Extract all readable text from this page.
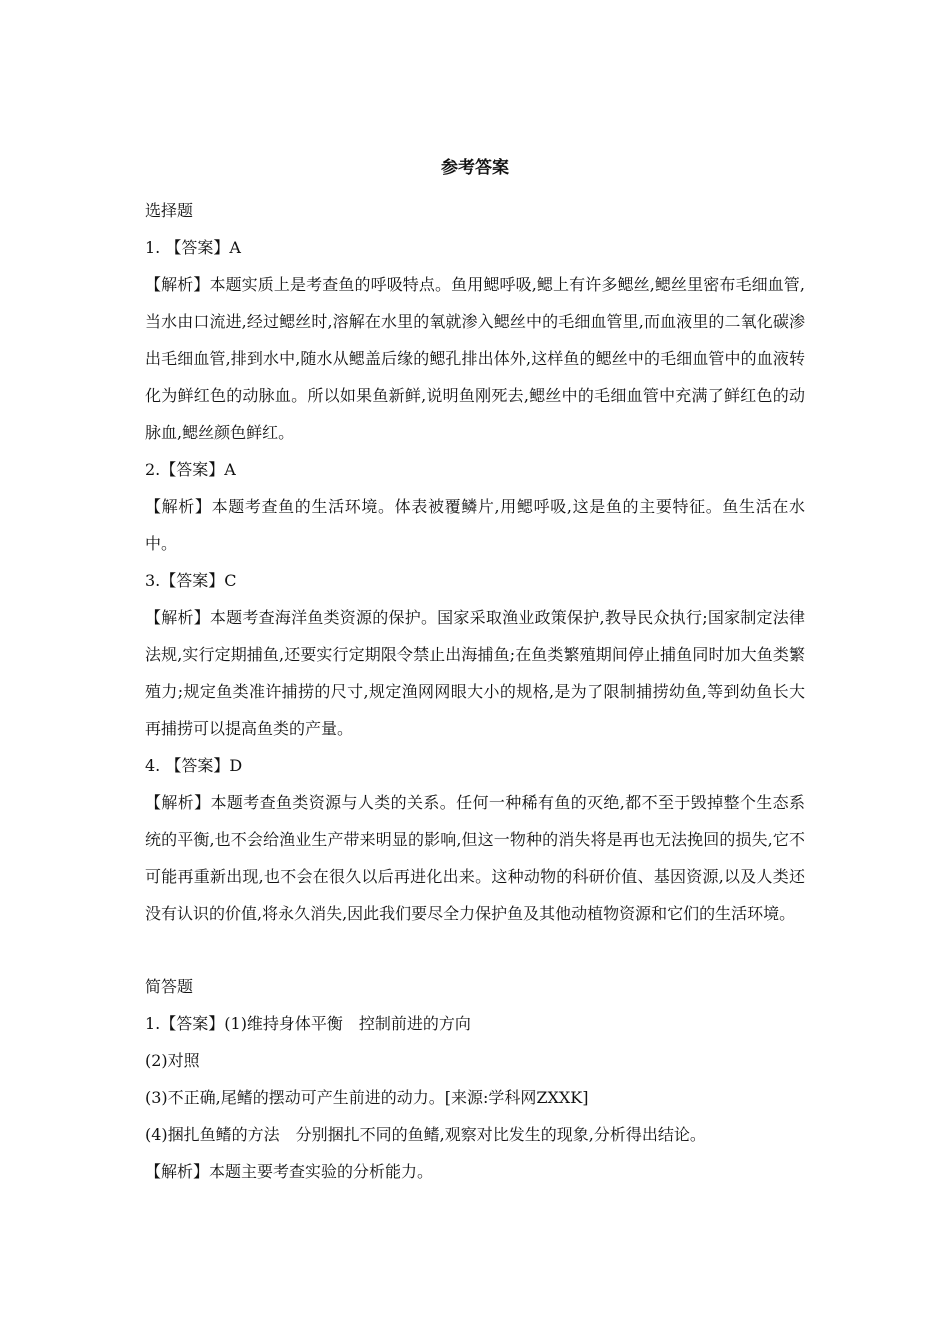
参考答案
选择题
1. 【答案】A
【解析】本题实质上是考查鱼的呼吸特点。鱼用鳃呼吸,鳃上有许多鳃丝,鳃丝里密布毛细血管,当水由口流进,经过鳃丝时,溶解在水里的氧就渗入鳃丝中的毛细血管里,而血液里的二氧化碳渗出毛细血管,排到水中,随水从鳃盖后缘的鳃孔排出体外,这样鱼的鳃丝中的毛细血管中的血液转化为鲜红色的动脉血。所以如果鱼新鲜,说明鱼刚死去,鳃丝中的毛细血管中充满了鲜红色的动脉血,鳃丝颜色鲜红。
2.【答案】A
【解析】本题考查鱼的生活环境。体表被覆鳞片,用鳃呼吸,这是鱼的主要特征。鱼生活在水中。
3.【答案】C
【解析】本题考查海洋鱼类资源的保护。国家采取渔业政策保护,教导民众执行;国家制定法律法规,实行定期捕鱼,还要实行定期限令禁止出海捕鱼;在鱼类繁殖期间停止捕鱼同时加大鱼类繁殖力;规定鱼类准许捕捞的尺寸,规定渔网网眼大小的规格,是为了限制捕捞幼鱼,等到幼鱼长大再捕捞可以提高鱼类的产量。
4. 【答案】D
【解析】本题考查鱼类资源与人类的关系。任何一种稀有鱼的灭绝,都不至于毁掉整个生态系统的平衡,也不会给渔业生产带来明显的影响,但这一物种的消失将是再也无法挽回的损失,它不可能再重新出现,也不会在很久以后再进化出来。这种动物的科研价值、基因资源,以及人类还没有认识的价值,将永久消失,因此我们要尽全力保护鱼及其他动植物资源和它们的生活环境。
简答题
1.【答案】(1)维持身体平衡　控制前进的方向
(2)对照
(3)不正确,尾鳍的摆动可产生前进的动力。[来源:学科网ZXXK]
(4)捆扎鱼鳍的方法　分别捆扎不同的鱼鳍,观察对比发生的现象,分析得出结论。
【解析】本题主要考查实验的分析能力。
